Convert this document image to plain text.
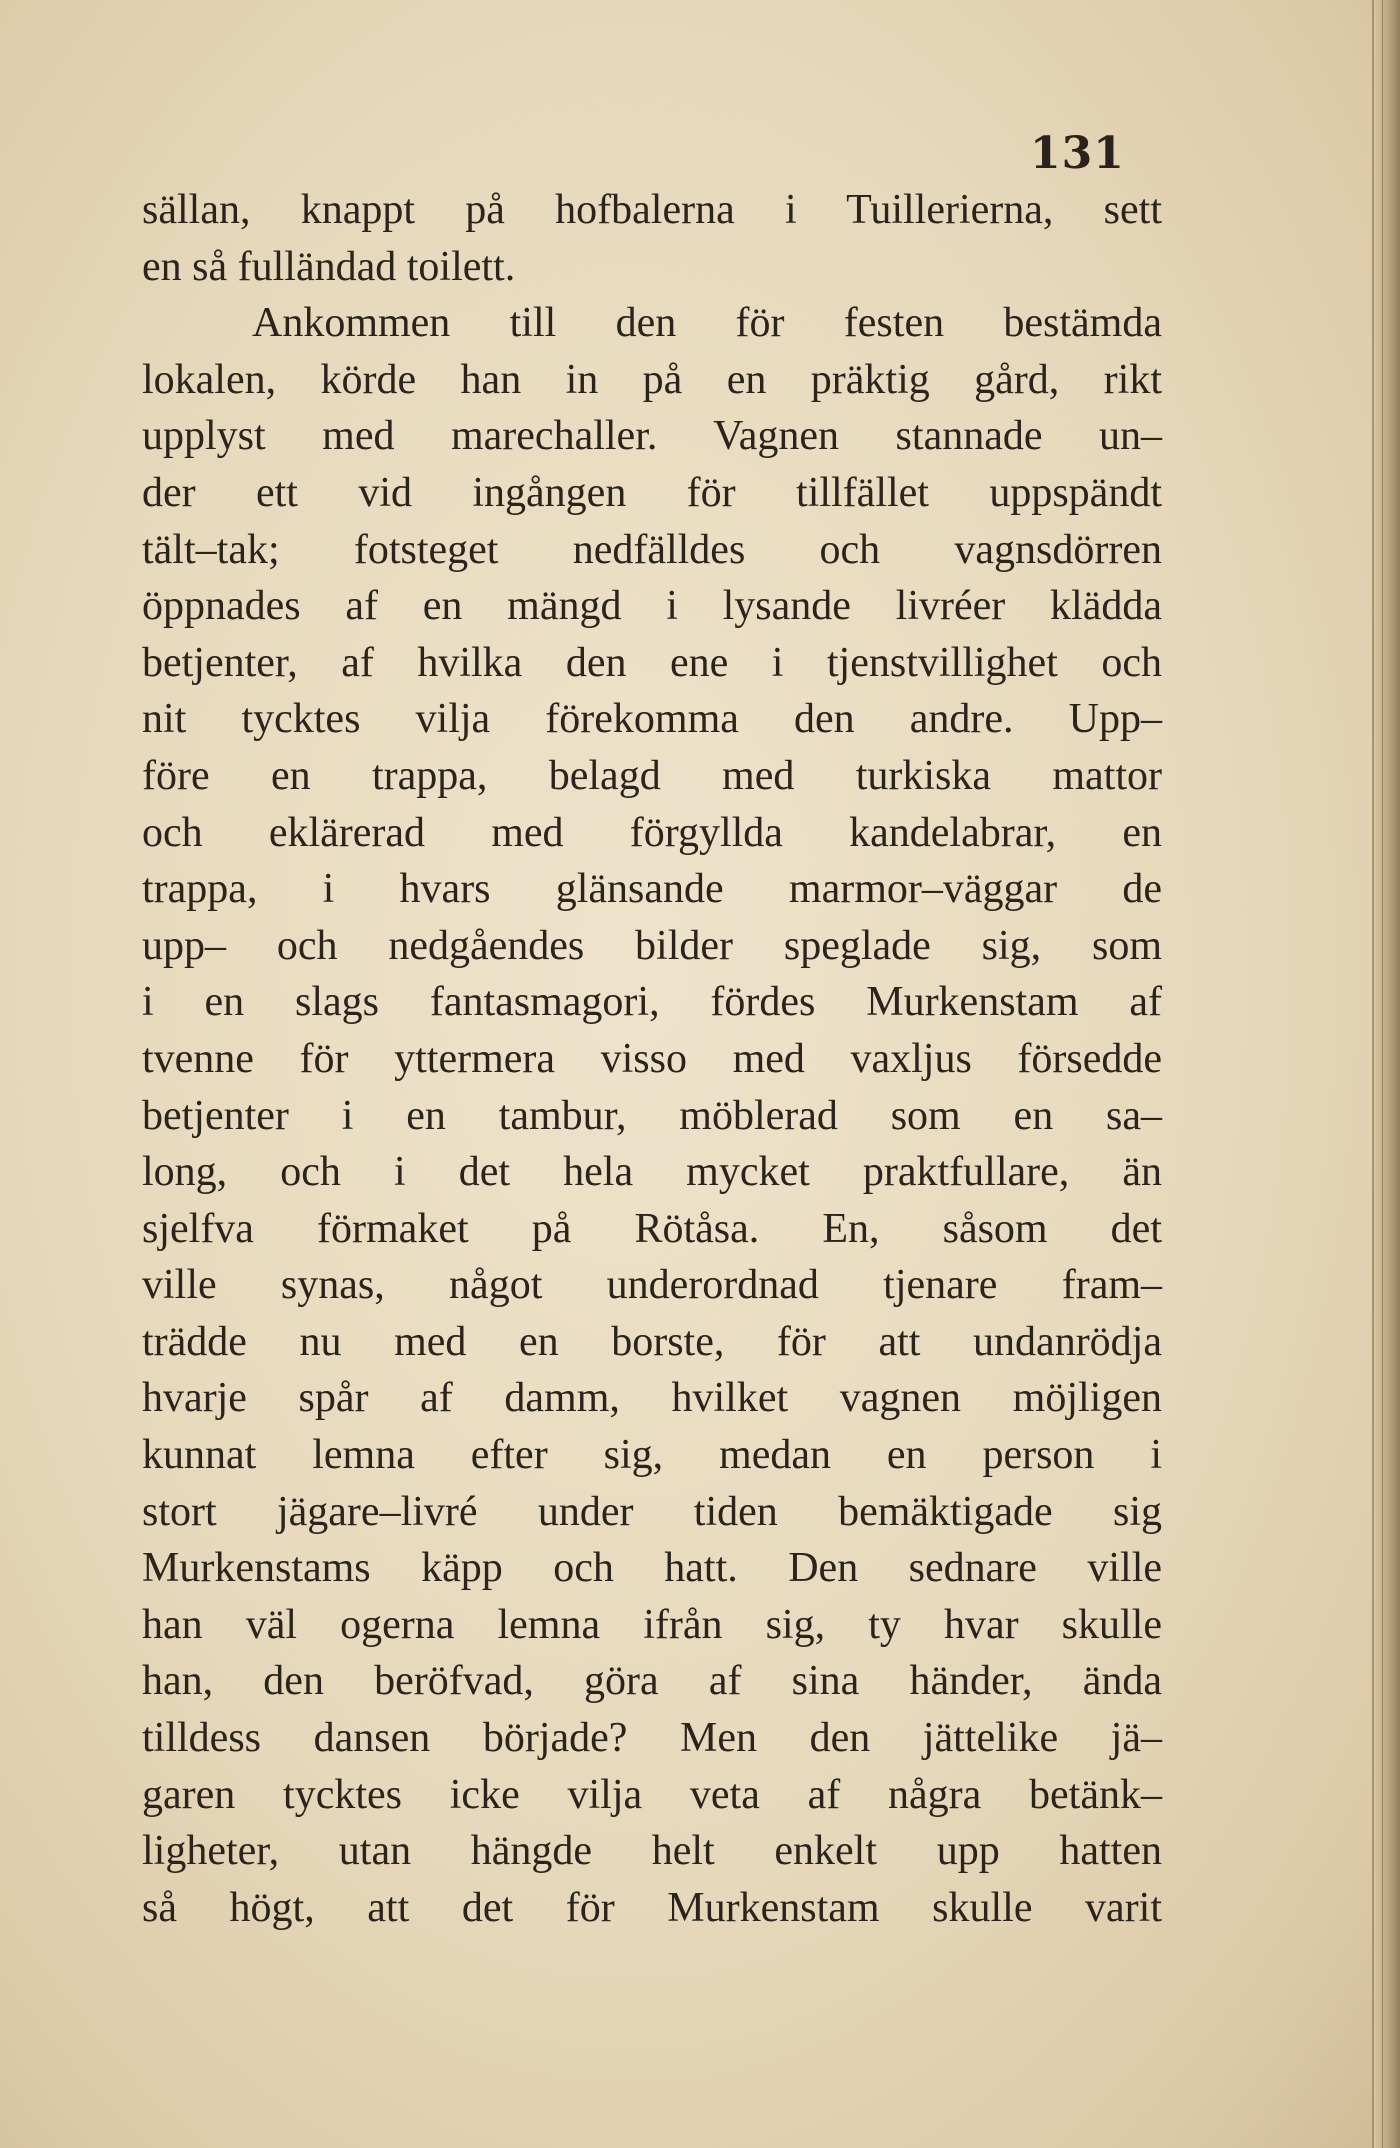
131
sällan, knappt på hofbalerna i Tuillerierna, sett
en så fulländad toilett.
Ankommen till den för festen bestämda
lokalen, körde han in på en präktig gård, rikt
upplyst med marechaller. Vagnen stannade un–
der ett vid ingången för tillfället uppspändt
tält–tak; fotsteget nedfälldes och vagnsdörren
öppnades af en mängd i lysande livréer klädda
betjenter, af hvilka den ene i tjenstvillighet och
nit tycktes vilja förekomma den andre. Upp–
före en trappa, belagd med turkiska mattor
och eklärerad med förgyllda kandelabrar, en
trappa, i hvars glänsande marmor–väggar de
upp– och nedgåendes bilder speglade sig, som
i en slags fantasmagori, fördes Murkenstam af
tvenne för yttermera visso med vaxljus försedde
betjenter i en tambur, möblerad som en sa–
long, och i det hela mycket praktfullare, än
sjelfva förmaket på Rötåsa. En, såsom det
ville synas, något underordnad tjenare fram–
trädde nu med en borste, för att undanrödja
hvarje spår af damm, hvilket vagnen möjligen
kunnat lemna efter sig, medan en person i
stort jägare–livré under tiden bemäktigade sig
Murkenstams käpp och hatt. Den sednare ville
han väl ogerna lemna ifrån sig, ty hvar skulle
han, den beröfvad, göra af sina händer, ända
tilldess dansen började? Men den jättelike jä–
garen tycktes icke vilja veta af några betänk–
ligheter, utan hängde helt enkelt upp hatten
så högt, att det för Murkenstam skulle varit
